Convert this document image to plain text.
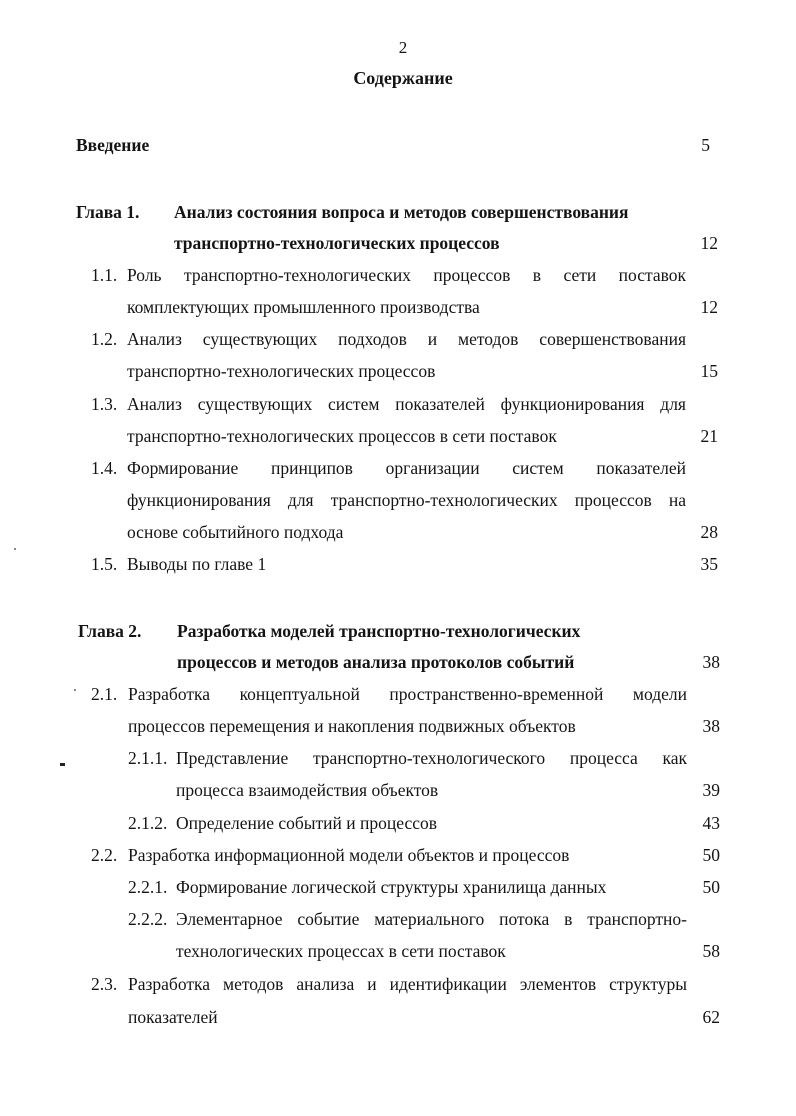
2
Содержание
Введение	5
Глава 1. Анализ состояния вопроса и методов совершенствования
транспортно-технологических процессов	12
1.1. Роль транспортно-технологических процессов в сети поставок
комплектующих промышленного производства	12
1.2. Анализ существующих подходов и методов совершенствования
транспортно-технологических процессов	15
1.3. Анализ существующих систем показателей функционирования для
транспортно-технологических процессов в сети поставок	21
1.4. Формирование принципов организации систем показателей
функционирования для транспортно-технологических процессов на
основе событийного подхода	28
1.5. Выводы по главе 1	35
Глава 2. Разработка моделей транспортно-технологических
процессов и методов анализа протоколов событий	38
2.1. Разработка концептуальной пространственно-временной модели
процессов перемещения и накопления подвижных объектов	38
2.1.1. Представление транспортно-технологического процесса как
процесса взаимодействия объектов	39
2.1.2. Определение событий и процессов	43
2.2. Разработка информационной модели объектов и процессов	50
2.2.1. Формирование логической структуры хранилища данных	50
2.2.2. Элементарное событие материального потока в транспортно-
технологических процессах в сети поставок	58
2.3. Разработка методов анализа и идентификации элементов структуры
показателей	62
